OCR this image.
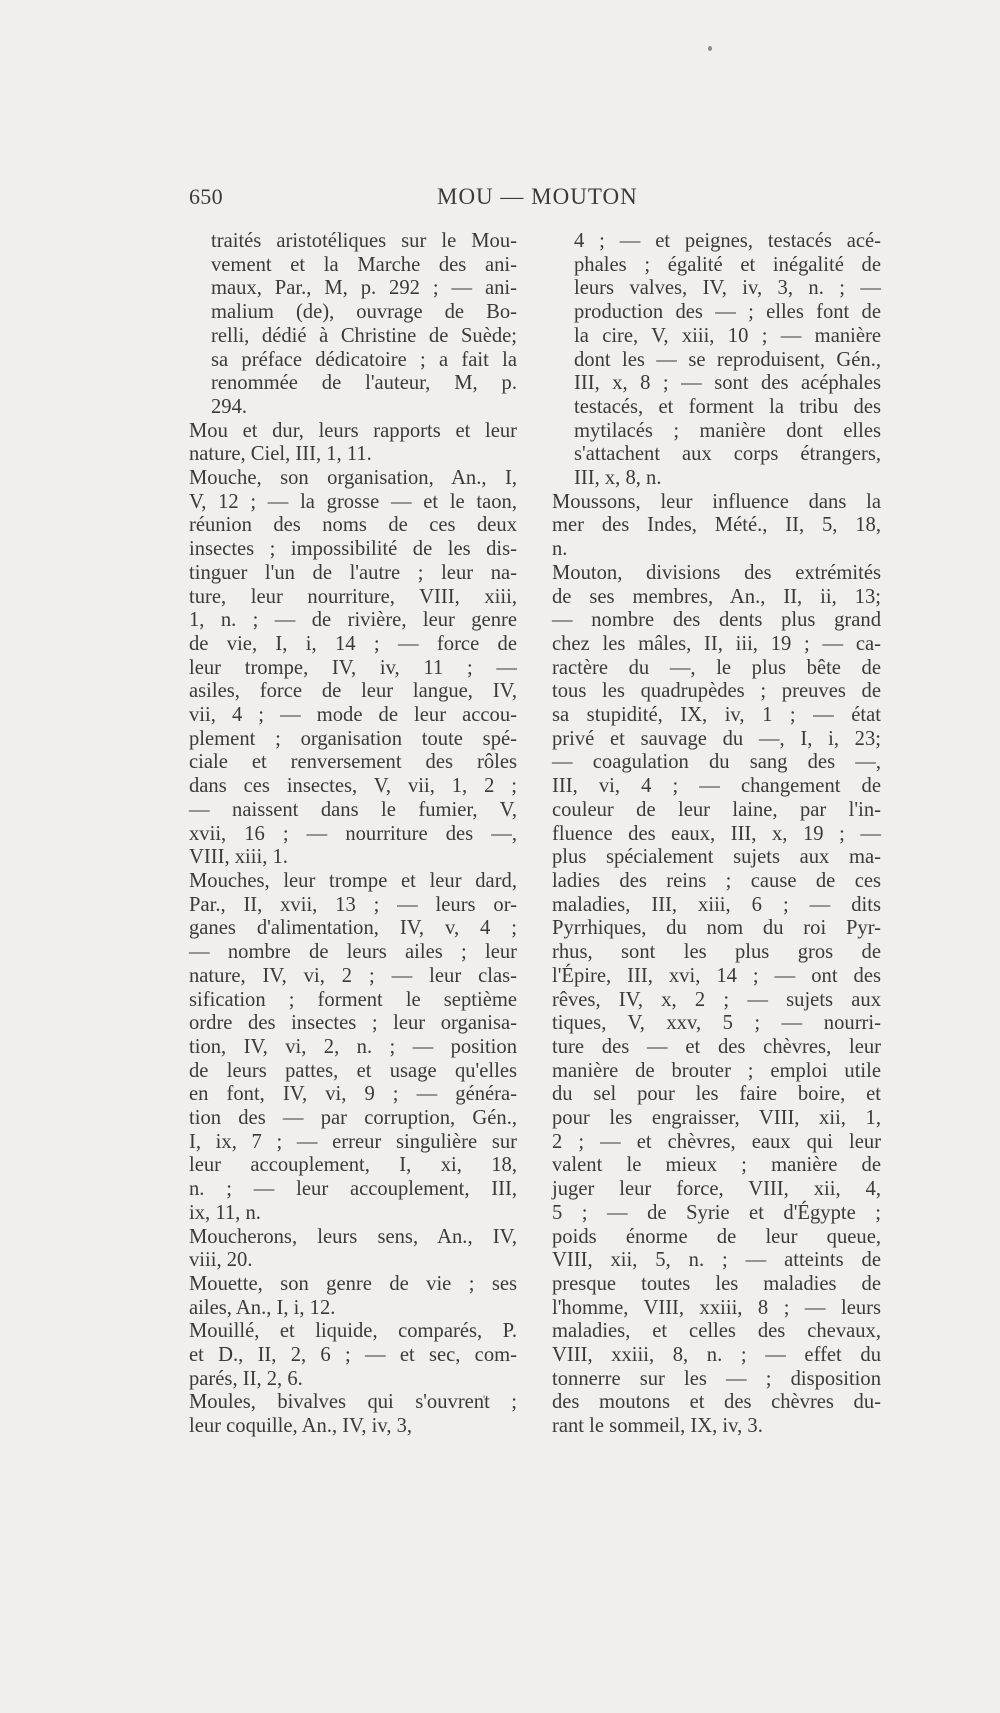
650	MOU — MOUTON
traités aristotéliques sur le Mou-
vement et la Marche des ani-
maux, Par., M, p. 292 ; — ani-
malium (de), ouvrage de Bo-
relli, dédié à Christine de Suède;
sa préface dédicatoire ; a fait la
renommée de l'auteur, M, p.
294.
Mou et dur, leurs rapports et leur
nature, Ciel, III, 1, 11.
Mouche, son organisation, An., I,
V, 12 ; — la grosse — et le taon,
réunion des noms de ces deux
insectes ; impossibilité de les dis-
tinguer l'un de l'autre ; leur na-
ture, leur nourriture, VIII, xiii,
1, n. ; — de rivière, leur genre
de vie, I, i, 14 ; — force de
leur trompe, IV, iv, 11 ; —
asiles, force de leur langue, IV,
vii, 4 ; — mode de leur accou-
plement ; organisation toute spé-
ciale et renversement des rôles
dans ces insectes, V, vii, 1, 2 ;
— naissent dans le fumier, V,
xvii, 16 ; — nourriture des —,
VIII, xiii, 1.
Mouches, leur trompe et leur dard,
Par., II, xvii, 13 ; — leurs or-
ganes d'alimentation, IV, v, 4 ;
— nombre de leurs ailes ; leur
nature, IV, vi, 2 ; — leur clas-
sification ; forment le septième
ordre des insectes ; leur organisa-
tion, IV, vi, 2, n. ; — position
de leurs pattes, et usage qu'elles
en font, IV, vi, 9 ; — généra-
tion des — par corruption, Gén.,
I, ix, 7 ; — erreur singulière sur
leur accouplement, I, xi, 18,
n. ; — leur accouplement, III,
ix, 11, n.
Moucherons, leurs sens, An., IV,
viii, 20.
Mouette, son genre de vie ; ses
ailes, An., I, i, 12.
Mouillé, et liquide, comparés, P.
et D., II, 2, 6 ; — et sec, com-
parés, II, 2, 6.
Moules, bivalves qui s'ouvrent ;
leur coquille, An., IV, iv, 3,
4 ; — et peignes, testacés acé-
phales ; égalité et inégalité de
leurs valves, IV, iv, 3, n. ; —
production des — ; elles font de
la cire, V, xiii, 10 ; — manière
dont les — se reproduisent, Gén.,
III, x, 8 ; — sont des acéphales
testacés, et forment la tribu des
mytilacés ; manière dont elles
s'attachent aux corps étrangers,
III, x, 8, n.
Moussons, leur influence dans la
mer des Indes, Mété., II, 5, 18,
n.
Mouton, divisions des extrémités
de ses membres, An., II, ii, 13;
— nombre des dents plus grand
chez les mâles, II, iii, 19 ; — ca-
ractère du —, le plus bête de
tous les quadrupèdes ; preuves de
sa stupidité, IX, iv, 1 ; — état
privé et sauvage du —, I, i, 23;
— coagulation du sang des —,
III, vi, 4 ; — changement de
couleur de leur laine, par l'in-
fluence des eaux, III, x, 19 ; —
plus spécialement sujets aux ma-
ladies des reins ; cause de ces
maladies, III, xiii, 6 ; — dits
Pyrrhiques, du nom du roi Pyr-
rhus, sont les plus gros de
l'Épire, III, xvi, 14 ; — ont des
rêves, IV, x, 2 ; — sujets aux
tiques, V, xxv, 5 ; — nourri-
ture des — et des chèvres, leur
manière de brouter ; emploi utile
du sel pour les faire boire, et
pour les engraisser, VIII, xii, 1,
2 ; — et chèvres, eaux qui leur
valent le mieux ; manière de
juger leur force, VIII, xii, 4,
5 ; — de Syrie et d'Égypte ;
poids énorme de leur queue,
VIII, xii, 5, n. ; — atteints de
presque toutes les maladies de
l'homme, VIII, xxiii, 8 ; — leurs
maladies, et celles des chevaux,
VIII, xxiii, 8, n. ; — effet du
tonnerre sur les — ; disposition
des moutons et des chèvres du-
rant le sommeil, IX, iv, 3.
